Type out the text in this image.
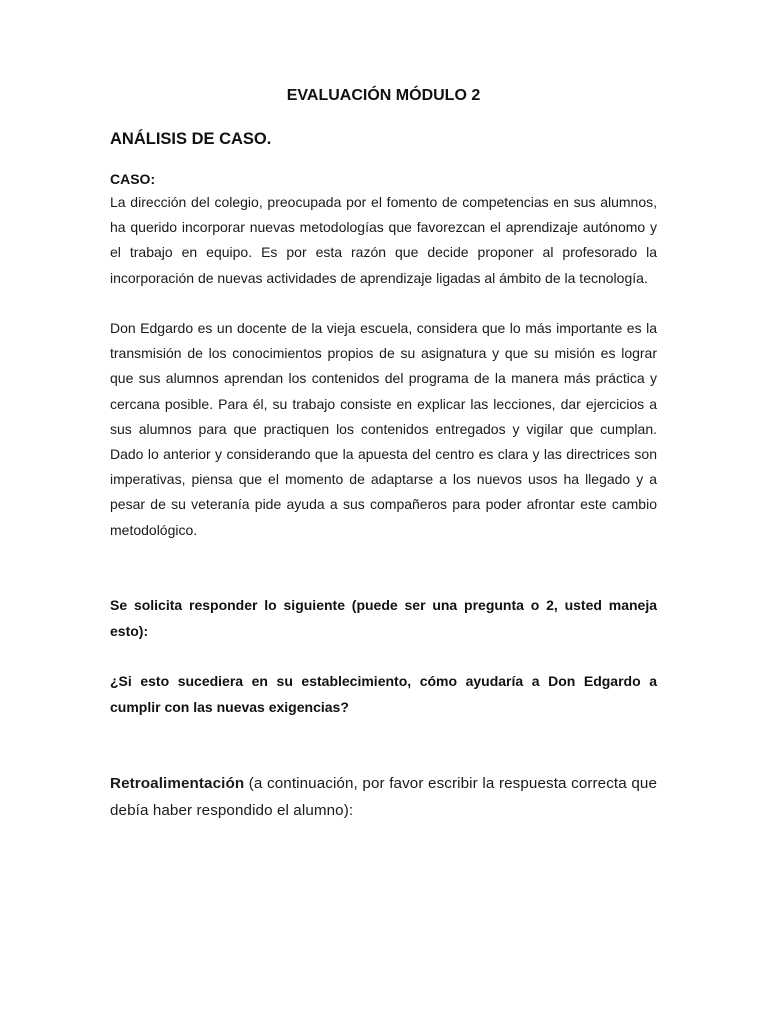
EVALUACIÓN MÓDULO 2
ANÁLISIS DE CASO.

CASO:

La dirección del colegio, preocupada por el fomento de competencias en sus alumnos, ha querido incorporar nuevas metodologías que favorezcan el aprendizaje autónomo y el trabajo en equipo. Es por esta razón que decide proponer al profesorado la incorporación de nuevas actividades de aprendizaje ligadas al ámbito de la tecnología.

Don Edgardo es un docente de la vieja escuela, considera que lo más importante es la transmisión de los conocimientos propios de su asignatura y que su misión es lograr que sus alumnos aprendan los contenidos del programa de la manera más práctica y cercana posible. Para él, su trabajo consiste en explicar las lecciones, dar ejercicios a sus alumnos para que practiquen los contenidos entregados y vigilar que cumplan. Dado lo anterior y considerando que la apuesta del centro es clara y las directrices son imperativas, piensa que el momento de adaptarse a los nuevos usos ha llegado y a pesar de su veteranía pide ayuda a sus compañeros para poder afrontar este cambio metodológico.

Se solicita responder lo siguiente (puede ser una pregunta o 2, usted maneja esto):

¿Si esto sucediera en su establecimiento, cómo ayudaría a Don Edgardo a cumplir con las nuevas exigencias?

Retroalimentación (a continuación, por favor escribir la respuesta correcta que debía haber respondido el alumno):
